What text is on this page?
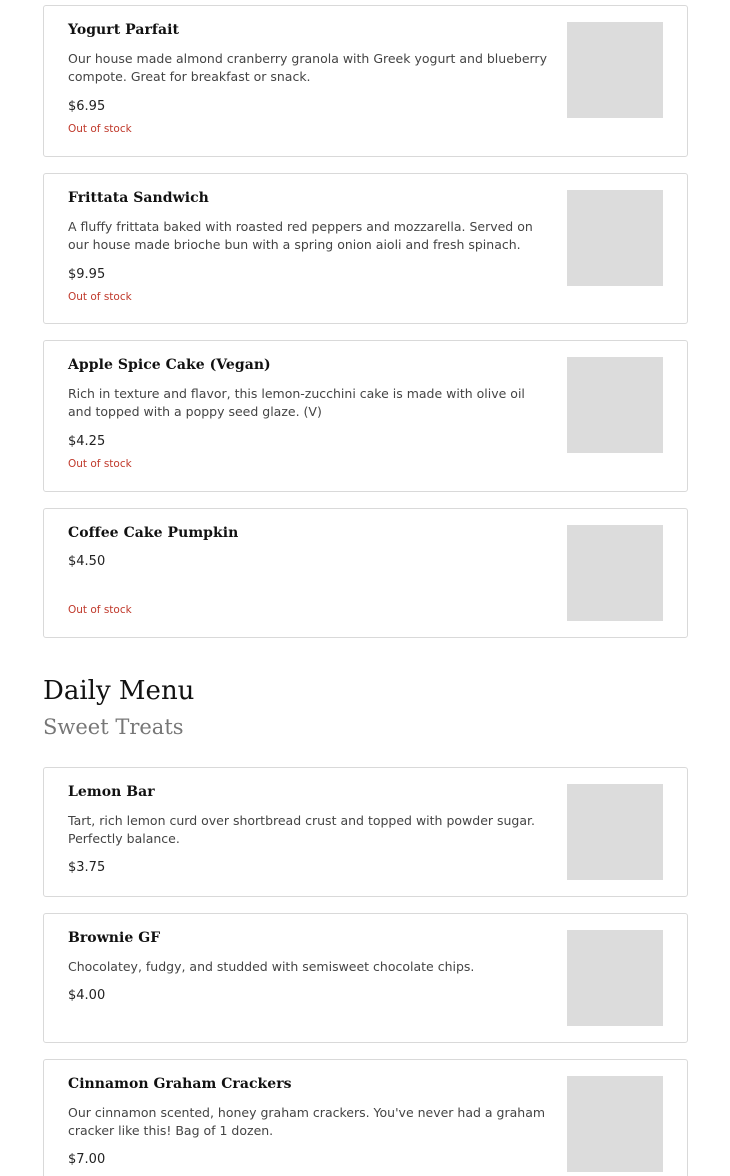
Yogurt Parfait
Our house made almond cranberry granola with Greek yogurt and blueberry compote. Great for breakfast or snack.
$6.95
Out of stock
Frittata Sandwich
A fluffy frittata baked with roasted red peppers and mozzarella. Served on our house made brioche bun with a spring onion aioli and fresh spinach.
$9.95
Out of stock
Apple Spice Cake (Vegan)
Rich in texture and flavor, this lemon-zucchini cake is made with olive oil and topped with a poppy seed glaze. (V)
$4.25
Out of stock
Coffee Cake Pumpkin
$4.50
Out of stock
Daily Menu
Sweet Treats
Lemon Bar
Tart, rich lemon curd over shortbread crust and topped with powder sugar. Perfectly balance.
$3.75
Brownie GF
Chocolatey, fudgy, and studded with semisweet chocolate chips.
$4.00
Cinnamon Graham Crackers
Our cinnamon scented, honey graham crackers. You've never had a graham cracker like this! Bag of 1 dozen.
$7.00
